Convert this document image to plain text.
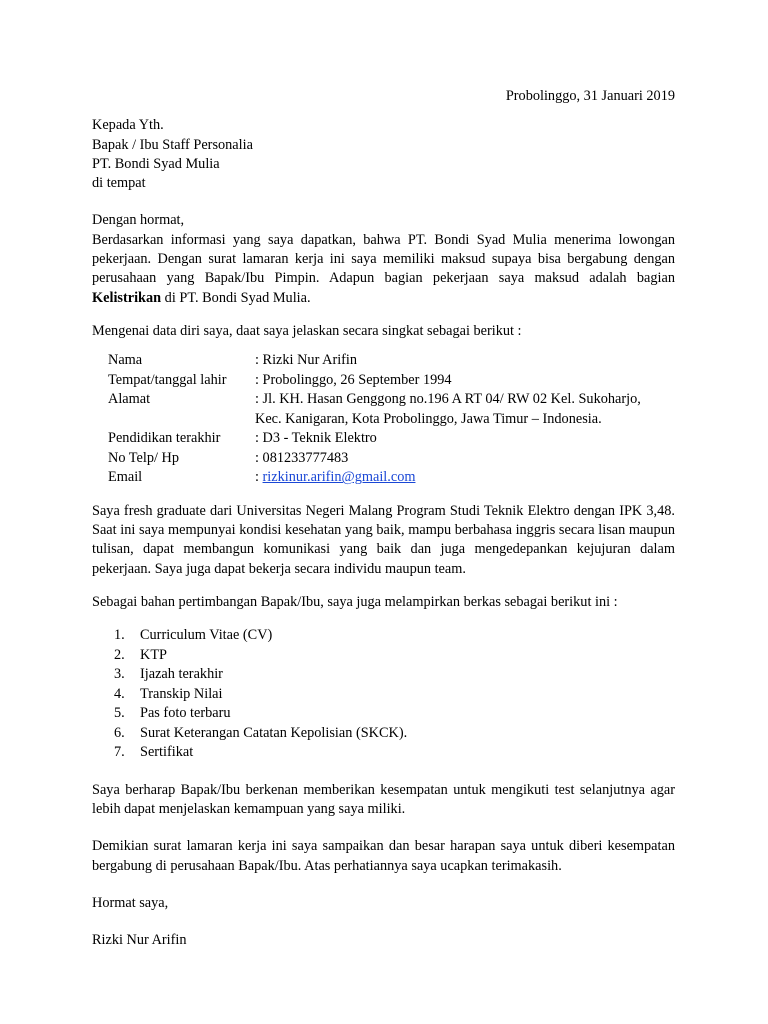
Probolinggo, 31 Januari 2019

Kepada Yth.

Bapak / Ibu Staff Personalia

PT. Bondi Syad Mulia

di tempat

Dengan hormat,

Berdasarkan informasi yang saya dapatkan, bahwa PT. Bondi Syad Mulia menerima lowongan pekerjaan. Dengan surat lamaran kerja ini saya memiliki maksud supaya bisa bergabung dengan perusahaan yang Bapak/Ibu Pimpin. Adapun bagian pekerjaan saya maksud adalah bagian Kelistrikan di PT. Bondi Syad Mulia.

Mengenai data diri saya, daat saya jelaskan secara singkat sebagai berikut :

Nama	: Rizki Nur Arifin
Tempat/tanggal lahir	: Probolinggo, 26 September 1994
Alamat	: Jl. KH. Hasan Genggong no.196 A RT 04/ RW 02 Kel. Sukoharjo,
	Kec. Kanigaran, Kota Probolinggo, Jawa Timur – Indonesia.
Pendidikan terakhir	: D3 - Teknik Elektro
No Telp/ Hp	: 081233777483
Email	: rizkinur.arifin@gmail.com

Saya fresh graduate dari Universitas Negeri Malang Program Studi Teknik Elektro dengan IPK 3,48. Saat ini saya mempunyai kondisi kesehatan yang baik, mampu berbahasa inggris secara lisan maupun tulisan, dapat membangun komunikasi yang baik dan juga mengedepankan kejujuran dalam pekerjaan. Saya juga dapat bekerja secara individu maupun team.

Sebagai bahan pertimbangan Bapak/Ibu, saya juga melampirkan berkas sebagai berikut ini :

1.	Curriculum Vitae (CV)
2.	KTP
3.	Ijazah terakhir
4.	Transkip Nilai
5.	Pas foto terbaru
6.	Surat Keterangan Catatan Kepolisian (SKCK).
7.	Sertifikat

Saya berharap Bapak/Ibu berkenan memberikan kesempatan untuk mengikuti test selanjutnya agar lebih dapat menjelaskan kemampuan yang saya miliki.

Demikian surat lamaran kerja ini saya sampaikan dan besar harapan saya untuk diberi kesempatan bergabung di perusahaan Bapak/Ibu. Atas perhatiannya saya ucapkan terimakasih.

Hormat saya,

Rizki Nur Arifin
